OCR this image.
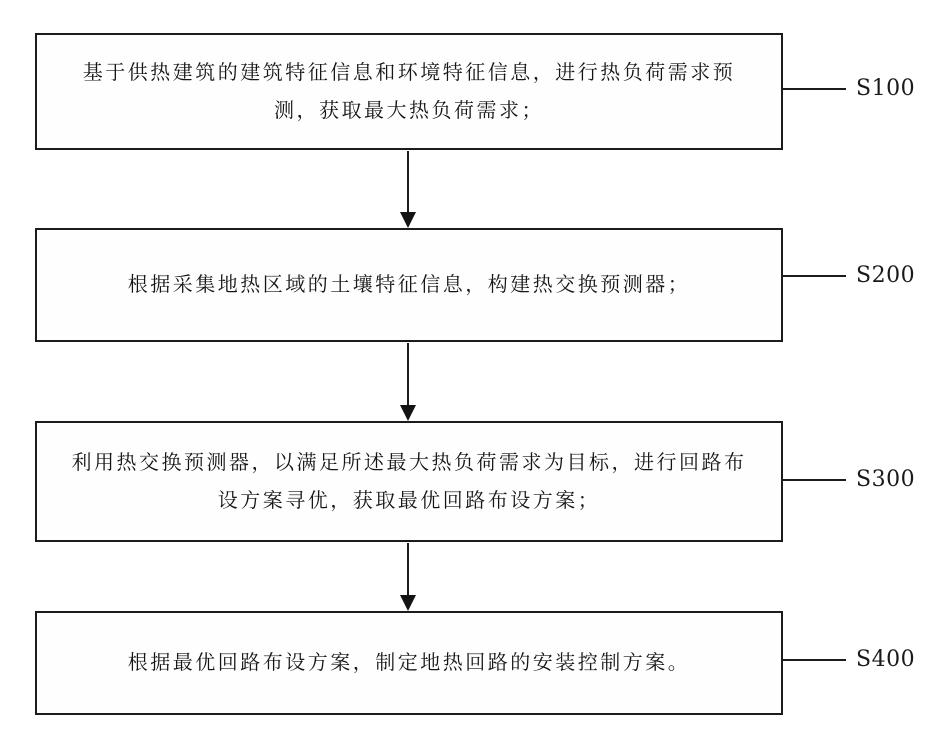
基于供热建筑的建筑特征信息和环境特征信息，进行热负荷需求预
测，获取最大热负荷需求；
根据采集地热区域的土壤特征信息，构建热交换预测器；
利用热交换预测器，以满足所述最大热负荷需求为目标，进行回路布
设方案寻优，获取最优回路布设方案；
根据最优回路布设方案，制定地热回路的安装控制方案。
S100
S200
S300
S400
